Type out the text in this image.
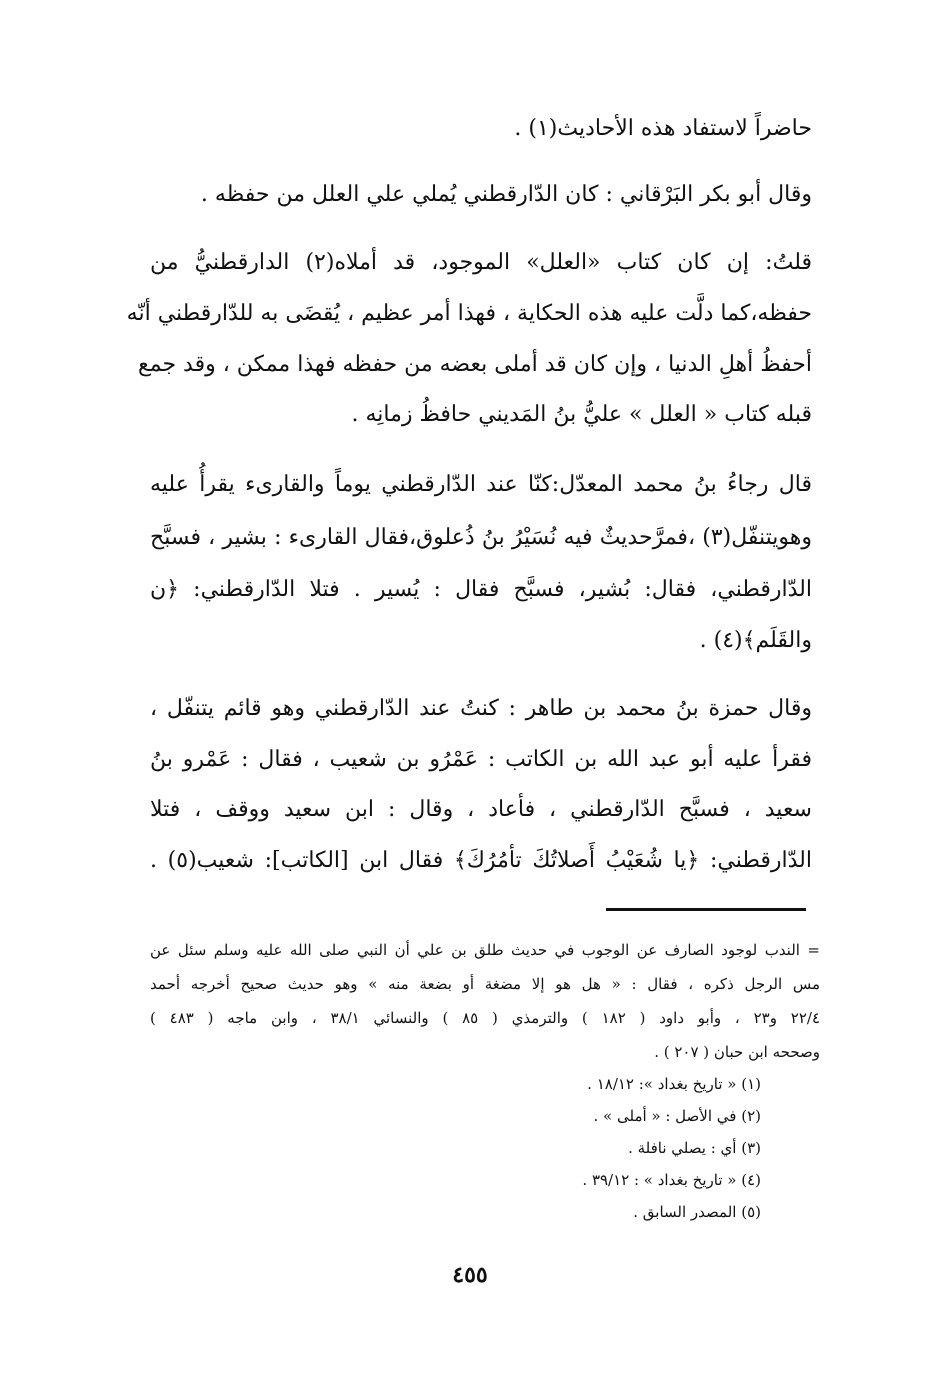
حاضراً لاستفاد هذه الأحاديث(١) .

وقال أبو بكر البَرْقاني : كان الدّارقطني يُملي علي العلل من حفظه .

قلتُ: إن كان كتاب «العلل» الموجود، قد أملاه(٢) الدارقطنيُّ من

حفظه،كما دلَّت عليه هذه الحكاية ، فهذا أمر عظيم ، يُقضَى به للدّارقطني أنّه

أحفظُ أهلِ الدنيا ، وإن كان قد أملى بعضه من حفظه فهذا ممكن ، وقد جمع

قبله كتاب « العلل » عليُّ بنُ المَديني حافظُ زمانِه .

قال رجاءُ بنُ محمد المعدّل:كنّا عند الدّارقطني يوماً والقارىء يقرأُ عليه

وهويتنفّل(٣) ،فمرَّحديثٌ فيه نُسَيْرُ بنُ ذُعلوق،فقال القارىء : بشير ، فسبَّح

الدّارقطني، فقال: بُشير، فسبَّح فقال : يُسير . فتلا الدّارقطني: ﴿ن

والقَلَم﴾(٤) .

وقال حمزة بنُ محمد بن طاهر : كنتُ عند الدّارقطني وهو قائم يتنفّل ،

فقرأ عليه أبو عبد الله بن الكاتب : عَمْرُو بن شعيب ، فقال : عَمْرو بنُ

سعيد ، فسبَّح الدّارقطني ، فأعاد ، وقال : ابن سعيد ووقف ، فتلا

الدّارقطني: ﴿يا شُعَيْبُ أَصلاتُكَ تأمُرُكَ﴾ فقال ابن [الكاتب]: شعيب(٥) .

= الندب لوجود الصارف عن الوجوب في حديث طلق بن علي أن النبي صلى الله عليه وسلم سئل عن

مس الرجل ذكره ، فقال : « هل هو إلا مضغة أو بضعة منه » وهو حديث صحيح أخرجه أحمد

٢٢/٤ و٢٣ ، وأبو داود ( ١٨٢ ) والترمذي ( ٨٥ ) والنسائي ٣٨/١ ، وابن ماجه ( ٤٨٣ )

وصححه ابن حبان ( ٢٠٧ ) .

(١) « تاريخ بغداد »: ١٨/١٢ .

(٢) في الأصل : « أملى » .

(٣) أي : يصلي نافلة .

(٤) « تاريخ بغداد » : ٣٩/١٢ .

(٥) المصدر السابق .

٤٥٥
